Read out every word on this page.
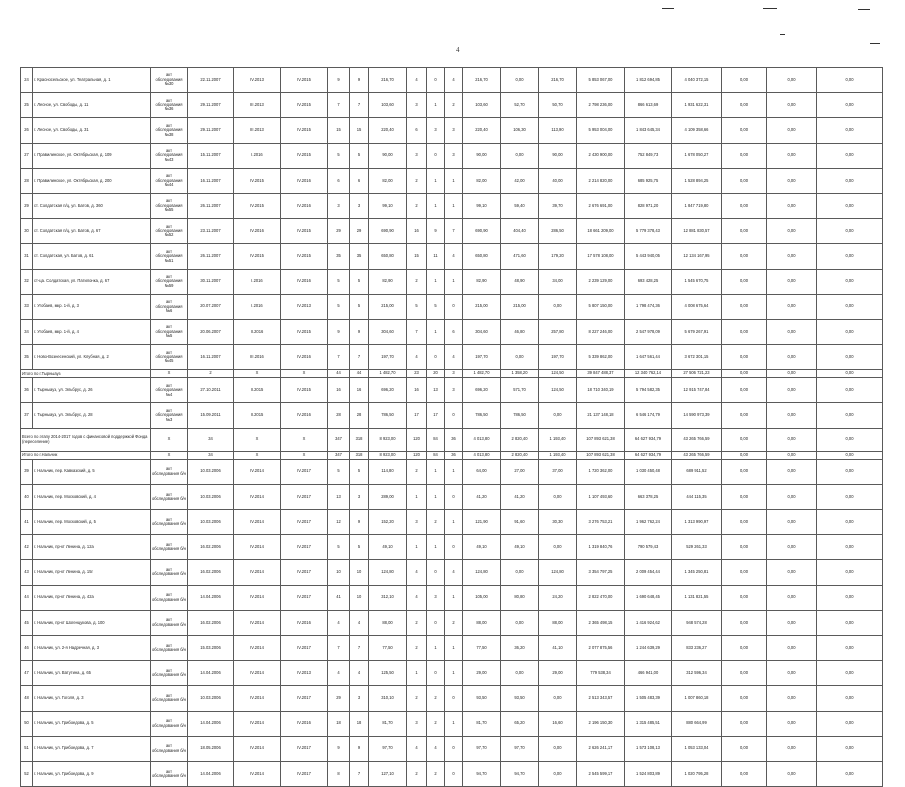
4
24	г. Красносельское, ул. Театральная, д. 1	акт обследования №30	22.11.2007	IV.2013	IV.2015	9	9	216,70	4	0	4	216,70	0,00	216,70	5 853 067,00	1 812 694,85	4 040 372,15	0,00	0,00	0,00
25	г. Лесное, ул. Свободы, д. 11	акт обследования №36	29.11.2007	III.2013	IV.2015	7	7	103,60	3	1	2	103,60	52,70	50,70	2 798 236,00	866 613,69	1 931 622,31	0,00	0,00	0,00
26	г. Лесное, ул. Свободы, д. 31	акт обследования №38	29.11.2007	III.2013	IV.2015	15	15	220,40	6	3	3	220,40	106,30	113,90	5 953 004,00	1 843 645,34	4 109 358,66	0,00	0,00	0,00
27	г. Правилинское, ул. Октябрьская, д. 109	акт обследования №43	15.11.2007	I.2016	IV.2015	5	5	90,00	3	0	3	90,00	0,00	90,00	2 430 900,00	752 849,73	1 678 050,27	0,00	0,00	0,00
28	г. Правилинское, ул. Октябрьская, д. 200	акт обследования №44	16.11.2007	IV.2015	IV.2016	6	6	82,00	2	1	1	82,00	42,00	40,00	2 214 820,00	685 925,75	1 528 894,25	0,00	0,00	0,00
29	ст. Солдатская п/ц, ул. Батов, д. 360	акт обследования №55	26.11.2007	IV.2015	IV.2016	3	3	99,10	2	1	1	99,10	59,40	39,70	2 676 691,00	828 971,20	1 847 719,80	0,00	0,00	0,00
30	ст. Солдатская п/ц, ул. Батов, д. 67	акт обследования №52	23.11.2007	IV.2016	IV.2015	29	29	690,90	16	9	7	690,90	404,40	286,50	18 661 209,00	5 779 378,43	12 881 830,57	0,00	0,00	0,00
31	ст. Солдатская, ул. Батов, д. 61	акт обследования №51	26.11.2007	IV.2015	IV.2015	35	35	650,80	15	11	4	650,80	471,60	179,20	17 578 108,00	5 443 940,05	12 134 167,95	0,00	0,00	0,00
32	ст-ца. Солдатская, ул. Патилонка, д. 67	акт обследования №59	30.11.2007	I.2016	IV.2016	5	5	82,90	2	1	1	82,90	48,90	34,00	2 239 129,00	693 428,25	1 545 670,75	0,00	0,00	0,00
33	г. Угобаев, мкр. 1-й, д. 3	акт обследования №6	20.07.2007	I.2016	IV.2013	5	5	215,00	5	5	0	215,00	215,00	0,00	5 807 150,00	1 798 474,36	4 008 675,64	0,00	0,00	0,00
34	г. Угобаев, мкр. 1-й, д. 4	акт обследования №5	20.06.2007	II.2016	IV.2015	9	9	304,60	7	1	6	304,60	46,80	257,80	8 227 246,00	2 547 978,09	5 679 267,91	0,00	0,00	0,00
35	г. Ново-Вознесенский, ул. Клубная, д. 2	акт обследования №45	16.11.2007	III.2016	IV.2016	7	7	197,70	4	0	4	197,70	0,00	197,70	5 339 862,00	1 647 561,44	3 672 301,15	0,00	0,00	0,00
Итого по г.Тырныауз		X	2	X	X	44	44	1 482,70	23	20	3	1 482,70	1 358,20	124,50	39 847 488,37	12 340 762,14	27 506 721,23	0,00	0,00	0,00
36	г. Тырныауз, ул. Эльбрус, д. 26	акт обследования №4	27.10.2011	II.2015	IV.2015	16	16	696,20	16	13	3	696,20	571,70	124,50	18 710 340,19	5 794 582,35	12 915 747,84	0,00	0,00	0,00
37	г. Тырныауз, ул. Эльбрус, д. 28	акт обследования №3	15.09.2011	II.2015	IV.2016	28	28	786,50	17	17	0	786,50	786,50	0,00	21 137 148,18	6 546 174,79	14 590 973,39	0,00	0,00	0,00
Всего по этапу 2014-2017 годов с финансовой поддержкой Фонда (переселение)		X	34	X	X	347	318	8 923,00	120	84	36	4 013,80	2 820,40	1 193,40	107 893 621,38	64 627 934,79	43 265 766,59	0,00	0,00	0,00
Итого по г.Нальчик		X	34	X	X	347	318	8 923,00	120	84	36	4 013,80	2 820,40	1 193,40	107 893 621,38	64 627 934,79	43 265 766,59	0,00	0,00	0,00
39	г. Нальчик, пер. Кавказский, д. 5	акт обследования б/н	10.03.2006	IV.2014	IV.2017	5	5	114,80	2	1	1	64,00	27,00	37,00	1 720 362,00	1 030 450,48	689 911,52	0,00	0,00	0,00
40	г. Нальчик, пер. Московский, д. 4	акт обследования б/н	10.03.2006	IV.2014	IV.2017	13	3	289,00	1	1	0	41,20	41,20	0,00	1 107 493,60	663 378,25	444 115,35	0,00	0,00	0,00
41	г. Нальчик, пер. Московский, д. 5	акт обследования б/н	10.03.2006	IV.2014	IV.2017	12	9	152,20	3	2	1	121,90	91,60	30,30	3 276 753,21	1 962 762,24	1 313 990,97	0,00	0,00	0,00
42	г. Нальчик, пр-кт Ленина, д. 12а	акт обследования б/н	16.02.2006	IV.2014	IV.2017	5	5	49,10	1	1	0	49,10	49,10	0,00	1 319 840,76	790 579,43	529 261,33	0,00	0,00	0,00
43	г. Нальчик, пр-кт Ленина, д. 15г	акт обследования б/н	16.02.2006	IV.2014	IV.2017	10	10	124,80	4	0	4	124,80	0,00	124,80	3 354 797,25	2 009 454,44	1 345 250,81	0,00	0,00	0,00
44	г. Нальчик, пр-кт Ленина, д. 42а	акт обследования б/н	14.04.2006	IV.2014	IV.2017	41	10	312,10	4	3	1	105,00	80,80	24,20	2 822 470,00	1 690 648,45	1 131 821,55	0,00	0,00	0,00
45	г. Нальчик, пр-кт Шогенцукова, д. 100	акт обследования б/н	16.02.2006	IV.2014	IV.2016	4	4	88,00	2	0	2	88,00	0,00	88,00	2 365 498,15	1 416 924,62	948 574,28	0,00	0,00	0,00
46	г. Нальчик, ул. 2-я Надречная, д. 3	акт обследования б/н	15.03.2006	IV.2014	IV.2017	7	7	77,50	2	1	1	77,50	36,20	41,10	2 077 875,56	1 244 639,29	833 236,27	0,00	0,00	0,00
47	г. Нальчик, ул. Ватутина, д. 65	акт обследования б/н	14.04.2006	IV.2014	IV.2013	4	4	125,50	1	0	1	29,00	0,00	29,00	779 538,34	466 941,00	312 596,34	0,00	0,00	0,00
48	г. Нальчик, ул. Гоголя, д. 3	акт обследования б/н	10.03.2006	IV.2014	IV.2017	29	3	310,10	2	2	0	93,50	93,50	0,00	2 513 343,57	1 505 483,39	1 007 860,18	0,00	0,00	0,00
50	г. Нальчик, ул. Грибоедова, д. 5	акт обследования б/н	14.04.2006	IV.2014	IV.2016	18	18	81,70	3	2	1	81,70	65,20	16,60	2 196 150,30	1 315 485,51	880 664,99	0,00	0,00	0,00
51	г. Нальчик, ул. Грибоедова, д. 7	акт обследования б/н	18.05.2006	IV.2014	IV.2017	9	9	97,70	4	4	0	97,70	97,70	0,00	2 626 241,17	1 573 108,13	1 053 133,04	0,00	0,00	0,00
52	г. Нальчик, ул. Грибоедова, д. 9	акт обследования б/н	14.04.2006	IV.2014	IV.2017	8	7	127,10	2	2	0	94,70	94,70	0,00	2 545 599,17	1 524 803,89	1 020 795,28	0,00	0,00	0,00
